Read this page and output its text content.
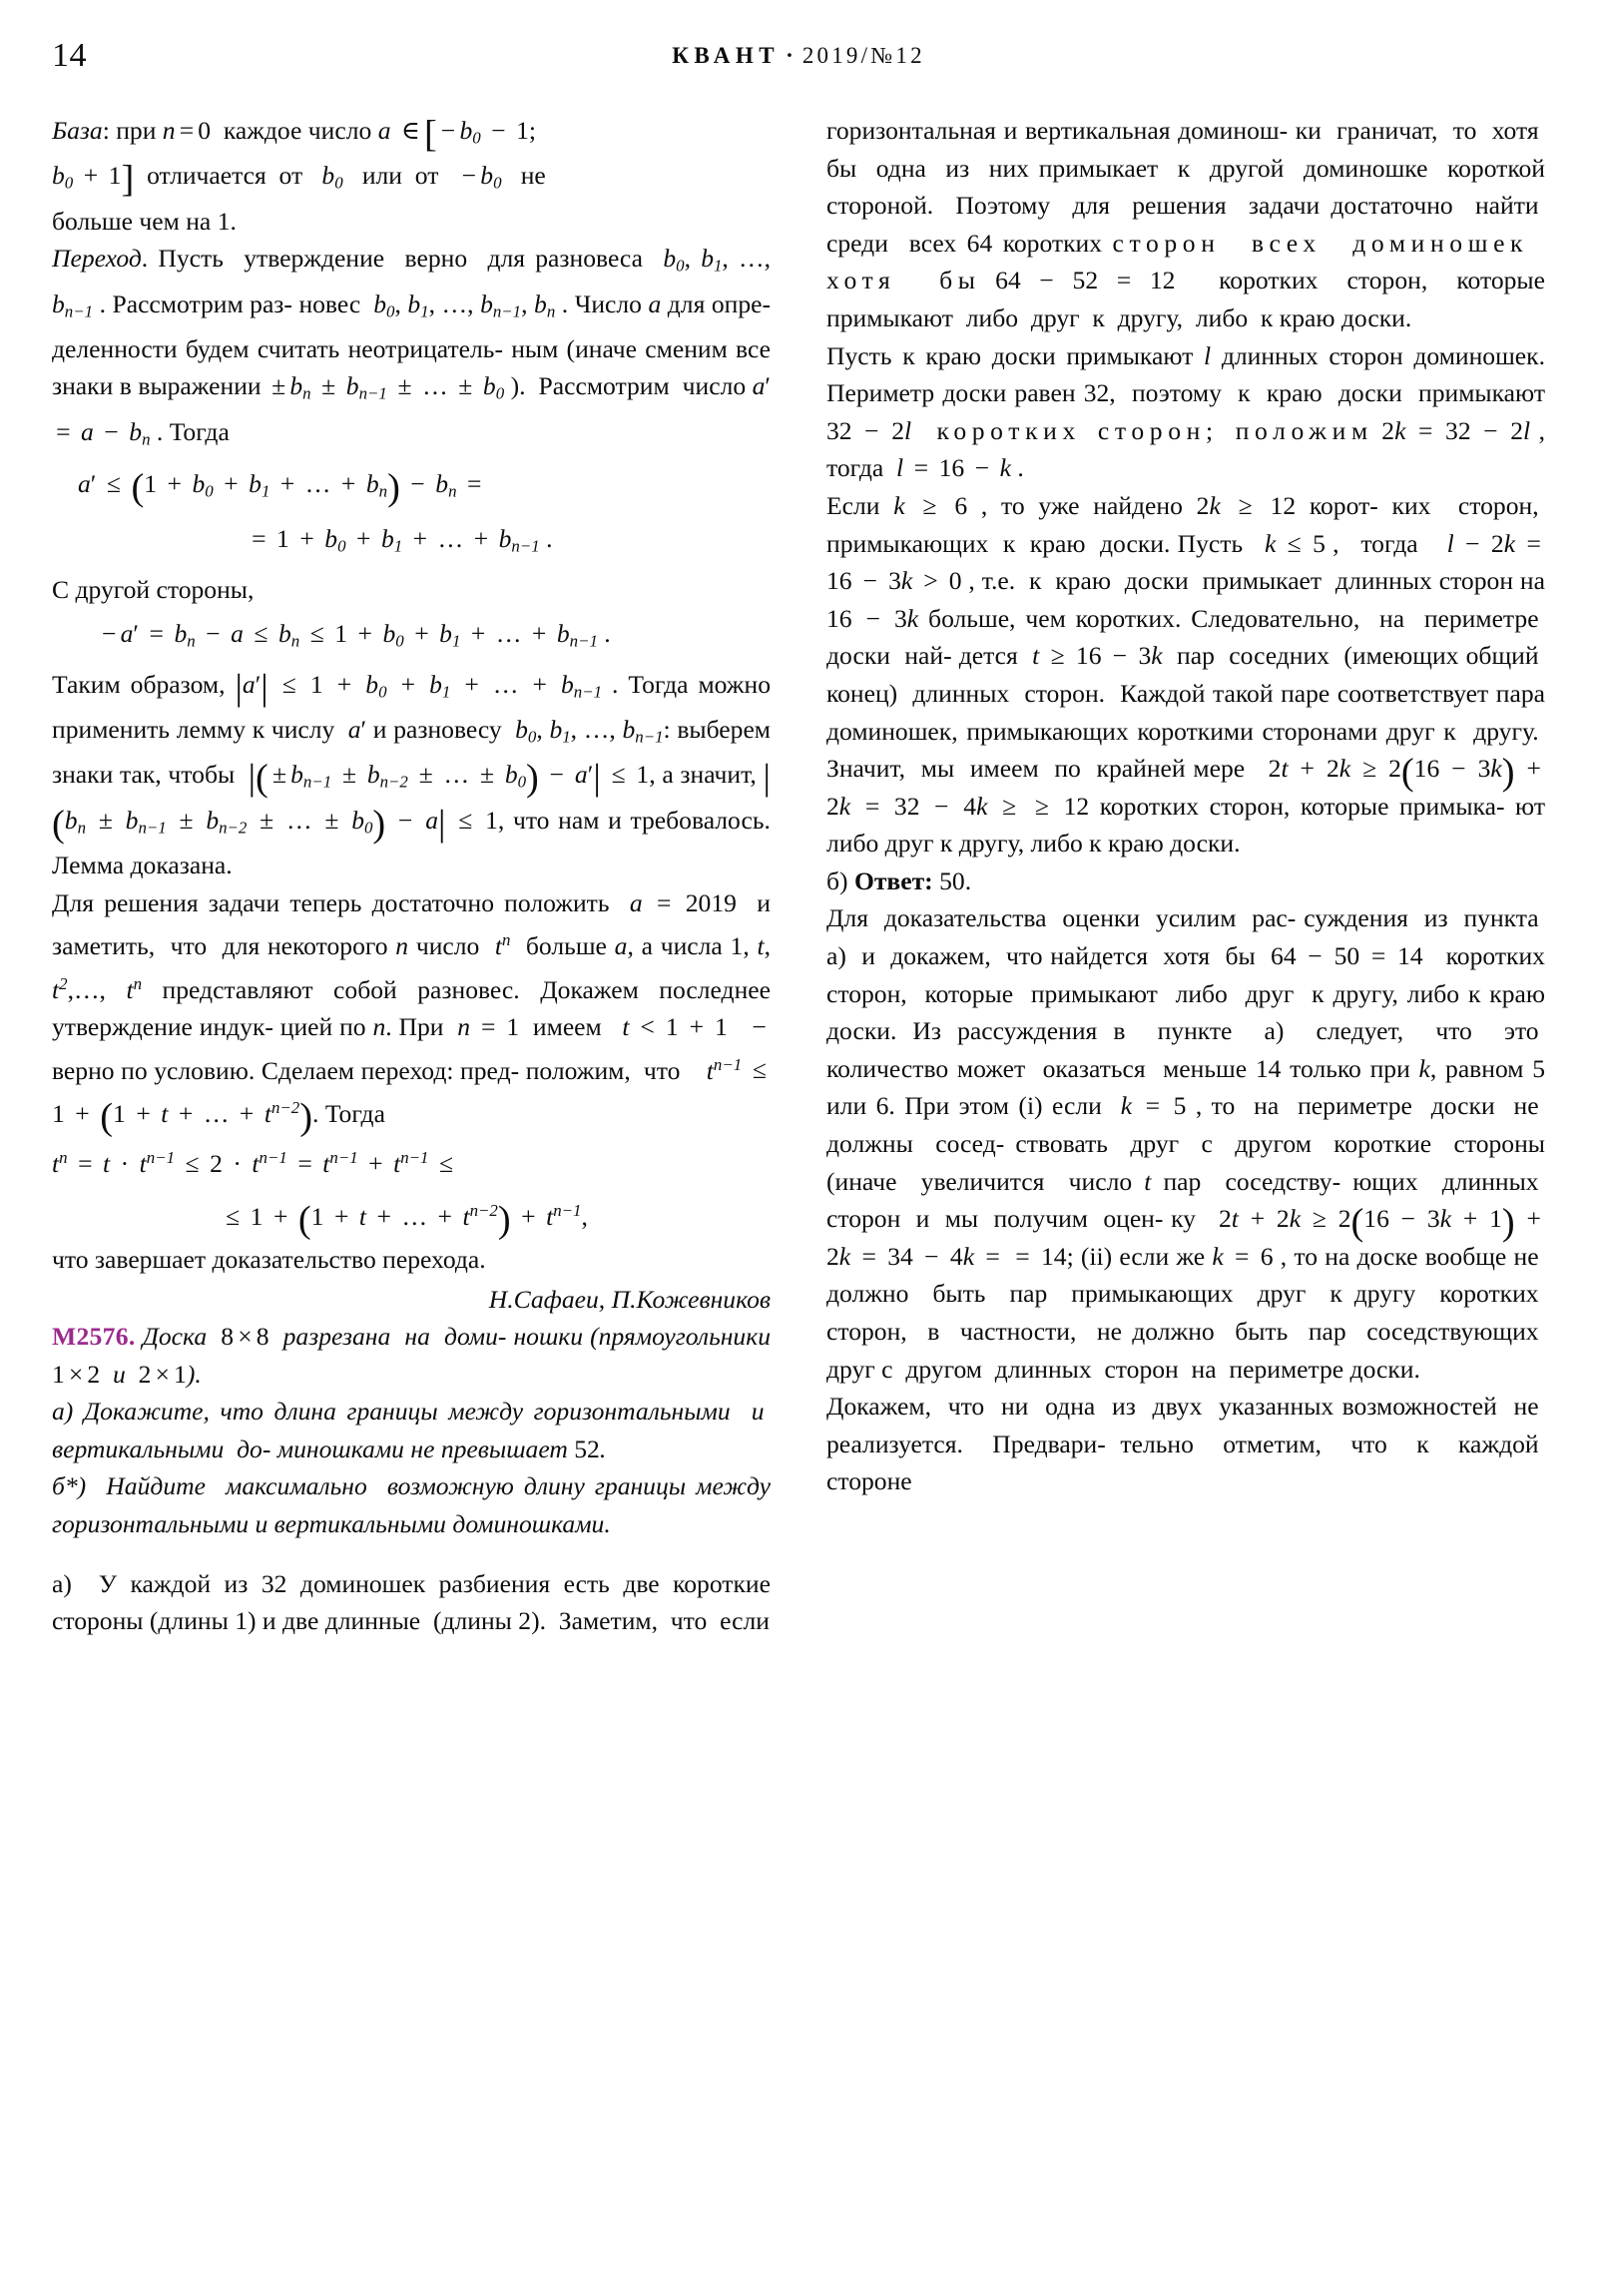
14	КВАНТ · 2019/№12

База: при n = 0  каждое число a ∈ [ − $b_0 - 1$;
$b_0 + 1$]  отличается  от   $b_0$   или  от   − $b_0$   не
больше чем на 1.

Переход. Пусть  утверждение  верно  для разновеса  $b_0$, $b_1$, …, $b_{n-1}$ . Рассмотрим раз- новес  $b_0$, $b_1$, …, $b_{n-1}$, $b_n$ . Число a для опре- деленности будем считать неотрицатель- ным (иначе сменим все знаки в выражении ± $b_n \pm b_{n-1}$ ± … ± $b_0$ ).  Рассмотрим  число $a' = a - b_n$ . Тогда

$a' \le (1 + b_0 + b_1$ + … + $b_n) - b_n$ =
= $1 + b_0 + b_1$ + … + $b_{n-1}$ .

С другой стороны,

− $a' = b_n - a \le b_n \le 1 + b_0 + b_1$ + … + $b_{n-1}$ .

Таким образом, $|a'| \le 1 + b_0 + b_1$ + … + $b_{n-1}$ . Тогда можно применить лемму к числу  a′ и разновесу  $b_0$, $b_1$, …, $b_{n-1}$: выберем знаки так, чтобы  |( ± $b_{n-1} \pm b_{n-2}$ ± … ± $b_0) - a'| \le 1$, а значит, $|(b_n \pm b_{n-1} \pm b_{n-2}$ ± … ± $b_0) - a| \le 1$, что нам и требовалось. Лемма доказана.

Для решения задачи теперь достаточно положить  a = 2019  и заметить,  что  для некоторого n число  $t^n$  больше a, а числа 1, t, $t^2,\dots$, $t^n$ представляют собой разновес. Докажем последнее утверждение индук- цией по n. При  n = 1  имеем   t < 1 + 1 − верно по условию. Сделаем переход: пред- положим,  что    $t^{n-1} \le 1 + (1 + t$ + … + $t^{n-2}$). Тогда

$t^n = t \cdot t^{n-1} \le 2 \cdot t^{n-1} = t^{n-1} + t^{n-1}$ ≤
≤ 1 + (1 + t + … + $t^{n-2}) + t^{n-1}$,

что завершает доказательство перехода.

Н.Сафаеи, П.Кожевников

M2576. Доска  8 × 8  разрезана  на  доми- ношки (прямоугольники 1 × 2  и  2 × 1).

а) Докажите, что длина границы между горизонтальными  и  вертикальными  до- миношками не превышает 52.

б*)  Найдите  максимально  возможную длину границы между горизонтальными и вертикальными доминошками.

а)  У каждой из 32 доминошек разбиения есть две короткие стороны (длины 1) и две длинные  (длины 2).  Заметим,  что  если

горизонтальная и вертикальная доминош- ки  граничат,  то  хотя  бы  одна  из  них примыкает  к  другой  доминошке  короткой стороной.  Поэтому  для  решения  задачи достаточно  найти  среди  всех 64 коротких сторон всех доминошек   хотя бы 64 − 52 = 12   коротких  сторон,  которые примыкают  либо  друг  к  другу,  либо  к краю доски.

Пусть к краю доски примыкают l длинных сторон доминошек. Периметр доски равен 32,  поэтому  к  краю  доски  примыкают 32 − 2l коротких сторон; положим 2k = 32 − 2l , тогда  l = 16 − k .

Если k ≥ 6 , то уже найдено 2k ≥ 12 корот- ких  сторон,  примыкающих  к  краю  доски. Пусть   k ≤ 5 ,   тогда    l − 2k = 16 − 3k > 0 , т.е.  к  краю  доски  примыкает  длинных сторон на 16 − 3k больше, чем коротких. Следовательно,  на  периметре  доски  най- дется  t ≥ 16 − 3k  пар  соседних  (имеющих общий  конец)  длинных  сторон.  Каждой такой паре соответствует пара доминошек, примыкающих короткими сторонами друг к  другу.  Значит,  мы  имеем  по  крайней мере   2t + 2k ≥ 2(16 − 3k) + 2k = 32 − 4k ≥ ≥ 12 коротких сторон, которые примыка- ют либо друг к другу, либо к краю доски.

б) Ответ: 50.

Для  доказательства  оценки  усилим  рас- суждения  из  пункта  а)  и  докажем,  что найдется  хотя  бы  64 − 50 = 14   коротких сторон,  которые  примыкают  либо  друг  к другу, либо к краю доски. Из рассуждения в  пункте  а)  следует,  что  это  количество может  оказаться  меньше 14 только при k, равном 5 или 6. При этом (i) если  k = 5 , то  на  периметре  доски  не  должны  сосед- ствовать  друг  с  другом  короткие  стороны (иначе  увеличится  число t пар  соседству- ющих  длинных  сторон  и  мы  получим  оцен- ку   2t + 2k ≥ 2(16 − 3k + 1) + 2k = 34 − 4k = = 14; (ii) если же k = 6 , то на доске вообще не  должно  быть  пар  примыкающих  друг  к другу  коротких  сторон,  в  частности,  не должно  быть  пар  соседствующих  друг с  другом  длинных  сторон  на  периметре доски.

Докажем,  что  ни  одна  из  двух  указанных возможностей  не  реализуется.  Предвари- тельно  отметим,  что  к  каждой  стороне
